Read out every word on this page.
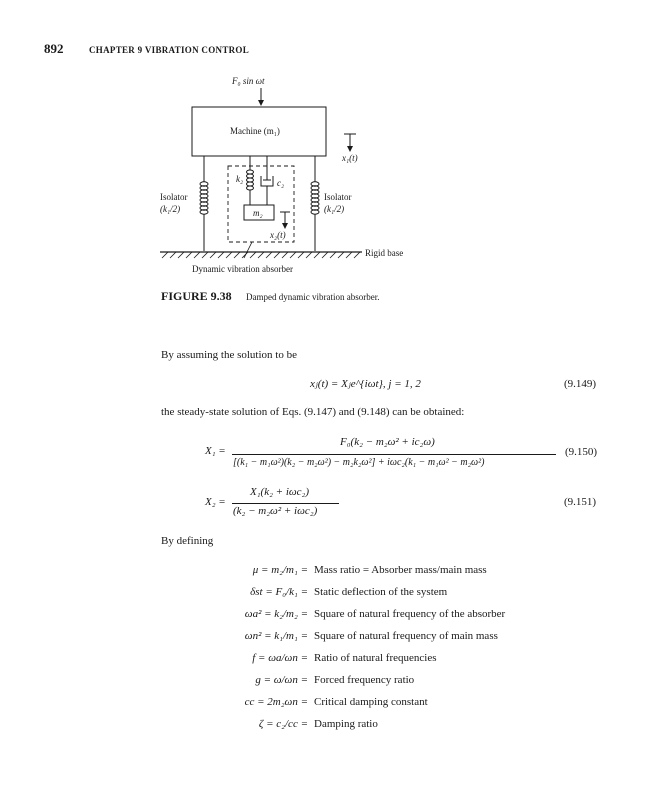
892	CHAPTER 9 VIBRATION CONTROL
F₀ sin ωt
Machine (m₁)
x₁(t)
Isolator
(k₁/2)
Isolator
(k₁/2)
k₂	c₂
m₂
x₂(t)
Rigid base
Dynamic vibration absorber
FIGURE 9.38 Damped dynamic vibration absorber.
By assuming the solution to be
xⱼ(t) = Xⱼe^{iωt}, j = 1, 2	(9.149)
the steady-state solution of Eqs. (9.147) and (9.148) can be obtained:
X₁ =
F₀(k₂ − m₂ω² + ic₂ω)
[(k₁ − m₁ω²)(k₂ − m₂ω²) − m₂k₂ω²] + iωc₂(k₁ − m₁ω² − m₂ω²)
(9.150)
X₂ =
X₁(k₂ + iωc₂)
(k₂ − m₂ω² + iωc₂)
(9.151)
By defining
μ = m₂/m₁ = Mass ratio = Absorber mass/main mass
δst = F₀/k₁ = Static deflection of the system
ωa² = k₂/m₂ = Square of natural frequency of the absorber
ωn² = k₁/m₁ = Square of natural frequency of main mass
f = ωa/ωn = Ratio of natural frequencies
g = ω/ωn = Forced frequency ratio
cc = 2m₂ωn = Critical damping constant
ζ = c₂/cc = Damping ratio
